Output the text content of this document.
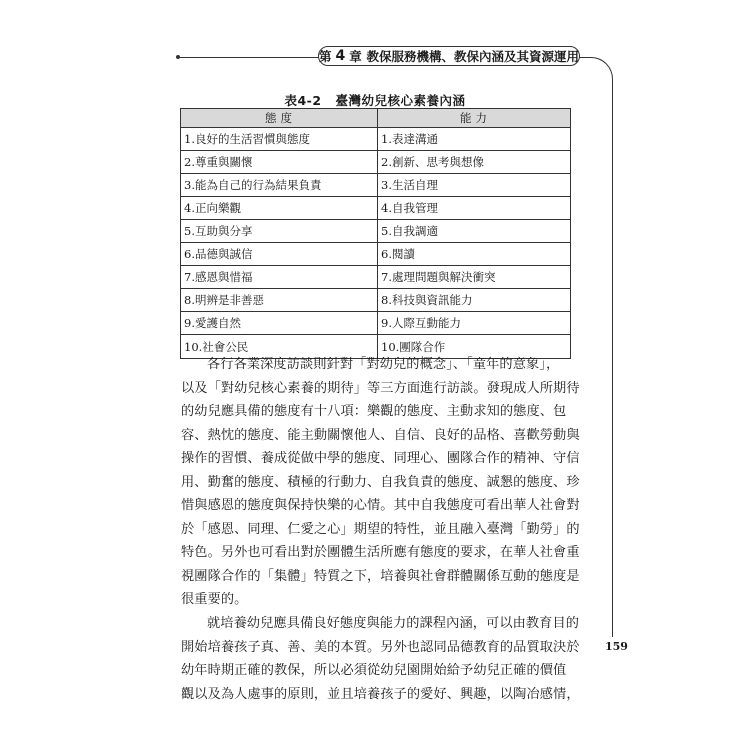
第 4 章 教保服務機構、教保內涵及其資源運用
表4-2 臺灣幼兒核心素養內涵
態度	能力
1.良好的生活習慣與態度	1.表達溝通
2.尊重與關懷	2.創新、思考與想像
3.能為自己的行為結果負責	3.生活自理
4.正向樂觀	4.自我管理
5.互助與分享	5.自我調適
6.品德與誠信	6.閱讀
7.感恩與惜福	7.處理問題與解決衝突
8.明辨是非善惡	8.科技與資訊能力
9.愛護自然	9.人際互動能力
10.社會公民	10.團隊合作
各行各業深度訪談則針對「對幼兒的概念」、「童年的意象」，
以及「對幼兒核心素養的期待」等三方面進行訪談。發現成人所期待
的幼兒應具備的態度有十八項：樂觀的態度、主動求知的態度、包
容、熱忱的態度、能主動關懷他人、自信、良好的品格、喜歡勞動與
操作的習慣、養成從做中學的態度、同理心、團隊合作的精神、守信
用、勤奮的態度、積極的行動力、自我負責的態度、誠懇的態度、珍
惜與感恩的態度與保持快樂的心情。其中自我態度可看出華人社會對
於「感恩、同理、仁愛之心」期望的特性，並且融入臺灣「勤勞」的
特色。另外也可看出對於團體生活所應有態度的要求，在華人社會重
視團隊合作的「集體」特質之下，培養與社會群體關係互動的態度是
很重要的。
就培養幼兒應具備良好態度與能力的課程內涵，可以由教育目的
開始培養孩子真、善、美的本質。另外也認同品德教育的品質取決於
幼年時期正確的教保，所以必須從幼兒園開始給予幼兒正確的價值
觀以及為人處事的原則，並且培養孩子的愛好、興趣，以陶冶感情，
159
